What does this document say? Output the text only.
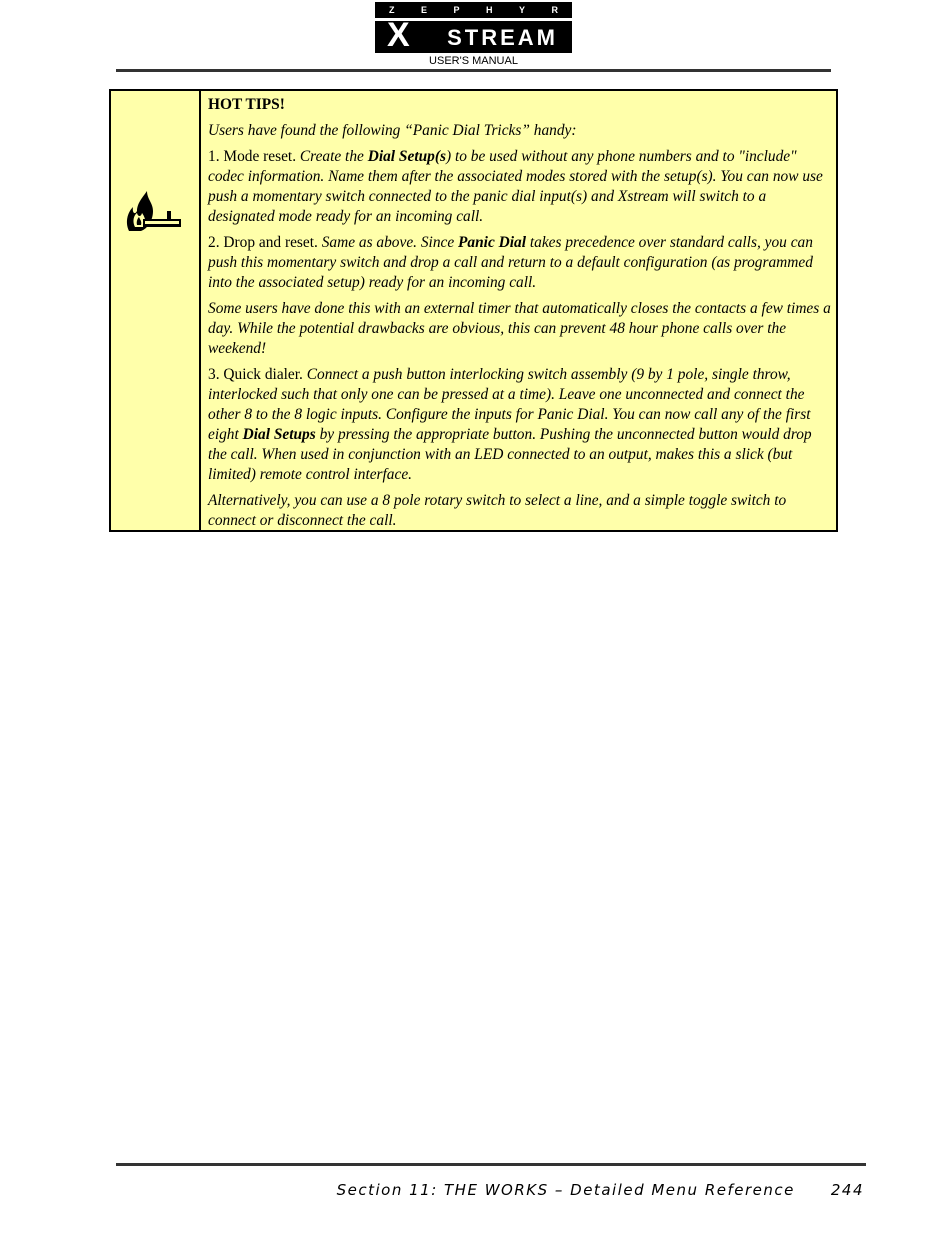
Z	E	P	H	Y	R
X STREAM
USER'S MANUAL

HOT TIPS!

Users have found the following “Panic Dial Tricks” handy:

1. Mode reset. Create the Dial Setup(s) to be used without any phone numbers and to "include" codec information. Name them after the associated modes stored with the setup(s). You can now use push a momentary switch connected to the panic dial input(s) and Xstream will switch to a designated mode ready for an incoming call.

2. Drop and reset. Same as above. Since Panic Dial takes precedence over standard calls, you can push this momentary switch and drop a call and return to a default configuration (as programmed into the associated setup) ready for an incoming call.

Some users have done this with an external timer that automatically closes the contacts a few times a day. While the potential drawbacks are obvious, this can prevent 48 hour phone calls over the weekend!

3. Quick dialer. Connect a push button interlocking switch assembly (9 by 1 pole, single throw, interlocked such that only one can be pressed at a time). Leave one unconnected and connect the other 8 to the 8 logic inputs. Configure the inputs for Panic Dial. You can now call any of the first eight Dial Setups by pressing the appropriate button. Pushing the unconnected button would drop the call. When used in conjunction with an LED connected to an output, makes this a slick (but limited) remote control interface.

Alternatively, you can use a 8 pole rotary switch to select a line, and a simple toggle switch to connect or disconnect the call.

Section 11: THE WORKS – Detailed Menu Reference 244
